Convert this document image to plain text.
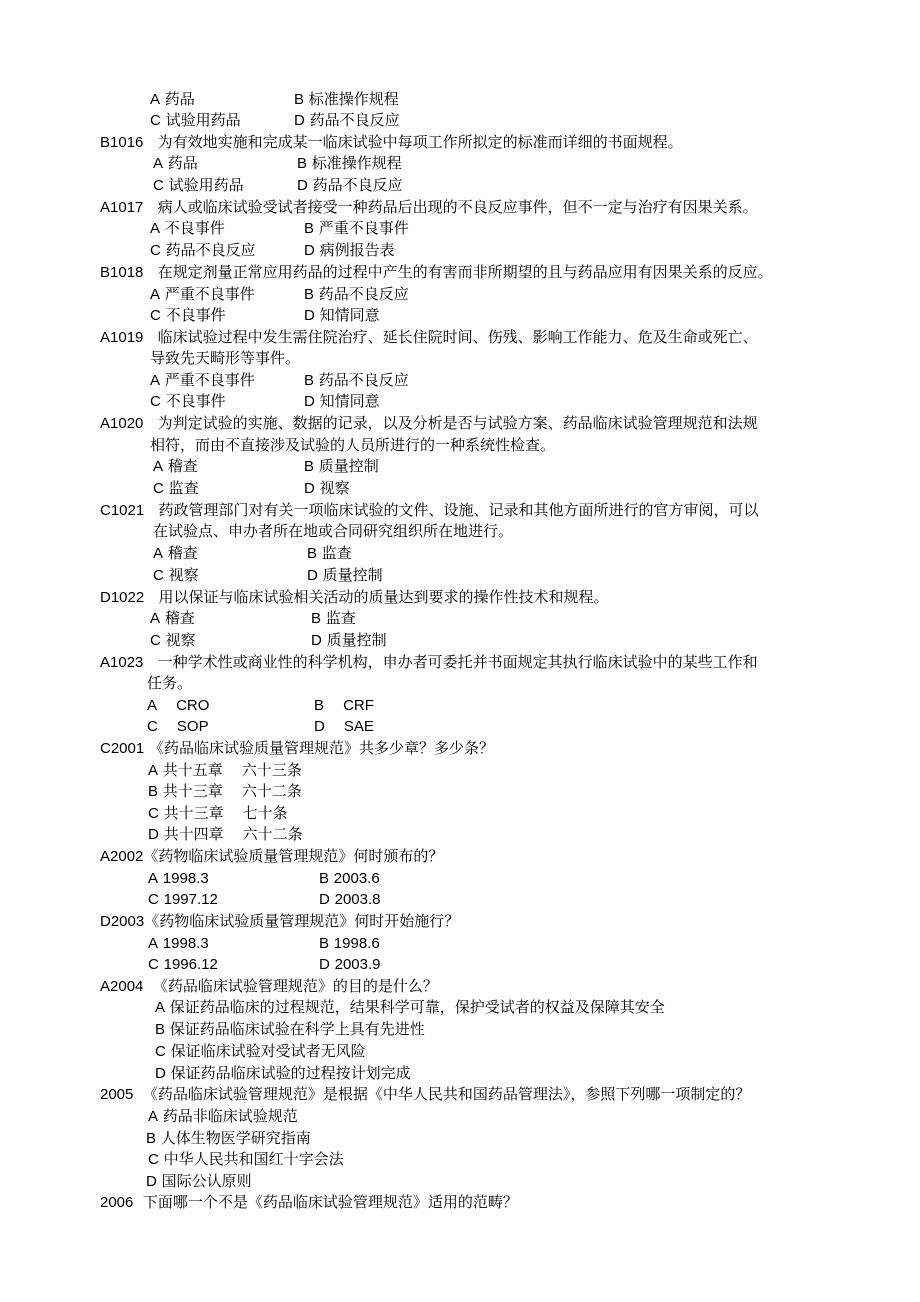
A 药品	B 标准操作规程
C 试验用药品	D 药品不良反应
B1016   为有效地实施和完成某一临床试验中每项工作所拟定的标准而详细的书面规程。
A 药品	B 标准操作规程
C 试验用药品	D 药品不良反应
A1017   病人或临床试验受试者接受一种药品后出现的不良反应事件，但不一定与治疗有因果关系。
A 不良事件	B 严重不良事件
C 药品不良反应	D 病例报告表
B1018   在规定剂量正常应用药品的过程中产生的有害而非所期望的且与药品应用有因果关系的反应。
A 严重不良事件	B 药品不良反应
C 不良事件	D 知情同意
A1019   临床试验过程中发生需住院治疗、延长住院时间、伤残、影响工作能力、危及生命或死亡、
导致先天畸形等事件。
A 严重不良事件	B 药品不良反应
C 不良事件	D 知情同意
A1020   为判定试验的实施、数据的记录，以及分析是否与试验方案、药品临床试验管理规范和法规
相符，而由不直接涉及试验的人员所进行的一种系统性检查。
A 稽查	B 质量控制
C 监查	D 视察
C1021   药政管理部门对有关一项临床试验的文件、设施、记录和其他方面所进行的官方审阅，可以
在试验点、申办者所在地或合同研究组织所在地进行。
A 稽查	B 监查
C 视察	D 质量控制
D1022   用以保证与临床试验相关活动的质量达到要求的操作性技术和规程。
A 稽查	B 监查
C 视察	D 质量控制
A1023   一种学术性或商业性的科学机构，申办者可委托并书面规定其执行临床试验中的某些工作和
任务。
A CRO	B CRF
C SOP	D SAE
C2001 《药品临床试验质量管理规范》共多少章？多少条？
A 共十五章    六十三条
B 共十三章    六十二条
C 共十三章    七十条
D 共十四章    六十二条
A2002《药物临床试验质量管理规范》何时颁布的？
A 1998.3	B 2003.6
C 1997.12	D 2003.8
D2003《药物临床试验质量管理规范》何时开始施行？
A 1998.3	B 1998.6
C 1996.12	D 2003.9
A2004  《药品临床试验管理规范》的目的是什么？
A 保证药品临床的过程规范，结果科学可靠，保护受试者的权益及保障其安全
B 保证药品临床试验在科学上具有先进性
C 保证临床试验对受试者无风险
D 保证药品临床试验的过程按计划完成
2005  《药品临床试验管理规范》是根据《中华人民共和国药品管理法》，参照下列哪一项制定的？
A 药品非临床试验规范
B 人体生物医学研究指南
C 中华人民共和国红十字会法
D 国际公认原则
2006  下面哪一个不是《药品临床试验管理规范》适用的范畴？
